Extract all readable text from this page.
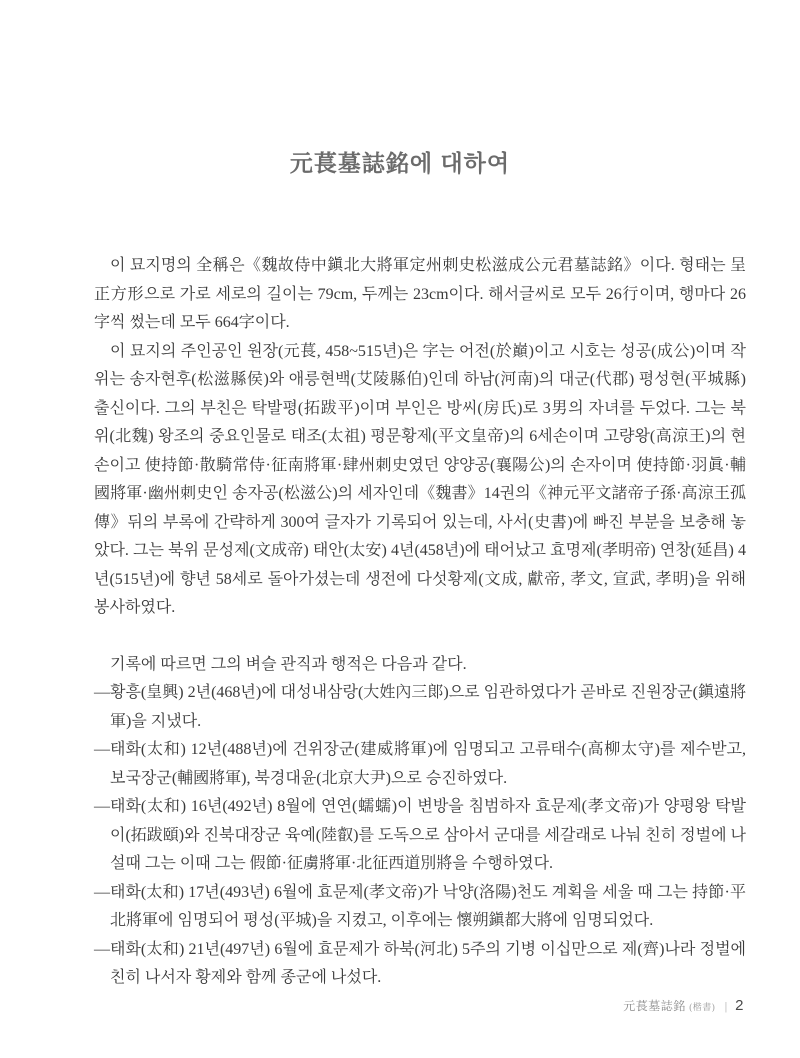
元萇墓誌銘에 대하여

이 묘지명의 全稱은《魏故侍中鎭北大將軍定州刺史松滋成公元君墓誌銘》이다. 형태는 呈正方形으로 가로 세로의 길이는 79cm, 두께는 23cm이다. 해서글씨로 모두 26行이며, 행마다 26字씩 썼는데 모두 664字이다.

이 묘지의 주인공인 원장(元萇, 458~515년)은 字는 어전(於巔)이고 시호는 성공(成公)이며 작위는 송자현후(松滋縣侯)와 애릉현백(艾陵縣伯)인데 하남(河南)의 대군(代郡) 평성현(平城縣)출신이다. 그의 부친은 탁발평(拓跋平)이며 부인은 방씨(房氏)로 3男의 자녀를 두었다. 그는 북위(北魏) 왕조의 중요인물로 태조(太祖) 평문황제(平文皇帝)의 6세손이며 고량왕(高涼王)의 현손이고 使持節·散騎常侍·征南將軍·肆州刺史였던 양양공(襄陽公)의 손자이며 使持節·羽眞·輔國將軍·幽州刺史인 송자공(松滋公)의 세자인데《魏書》14권의《神元平文諸帝子孫·高涼王孤傳》뒤의 부록에 간략하게 300여 글자가 기록되어 있는데, 사서(史書)에 빠진 부분을 보충해 놓았다. 그는 북위 문성제(文成帝) 태안(太安) 4년(458년)에 태어났고 효명제(孝明帝) 연창(延昌) 4년(515년)에 향년 58세로 돌아가셨는데 생전에 다섯황제(文成, 獻帝, 孝文, 宣武, 孝明)을 위해 봉사하였다.

기록에 따르면 그의 벼슬 관직과 행적은 다음과 같다.

―황흥(皇興) 2년(468년)에 대성내삼랑(大姓內三郞)으로 임관하였다가 곧바로 진원장군(鎭遠將軍)을 지냈다.
―태화(太和) 12년(488년)에 건위장군(建威將軍)에 임명되고 고류태수(高柳太守)를 제수받고, 보국장군(輔國將軍), 북경대윤(北京大尹)으로 승진하였다.
―태화(太和) 16년(492년) 8월에 연연(蠕蠕)이 변방을 침범하자 효문제(孝文帝)가 양평왕 탁발이(拓跋頤)와 진북대장군 육예(陸叡)를 도독으로 삼아서 군대를 세갈래로 나눠 친히 정벌에 나설때 그는 이때 그는 假節·征虜將軍·北征西道別將을 수행하였다.
―태화(太和) 17년(493년) 6월에 효문제(孝文帝)가 낙양(洛陽)천도 계획을 세울 때 그는 持節·平北將軍에 임명되어 평성(平城)을 지켰고, 이후에는 懷朔鎭都大將에 임명되었다.
―태화(太和) 21년(497년) 6월에 효문제가 하북(河北) 5주의 기병 이십만으로 제(齊)나라 정벌에 친히 나서자 황제와 함께 종군에 나섰다.
元萇墓誌銘 (楷書) | 2
